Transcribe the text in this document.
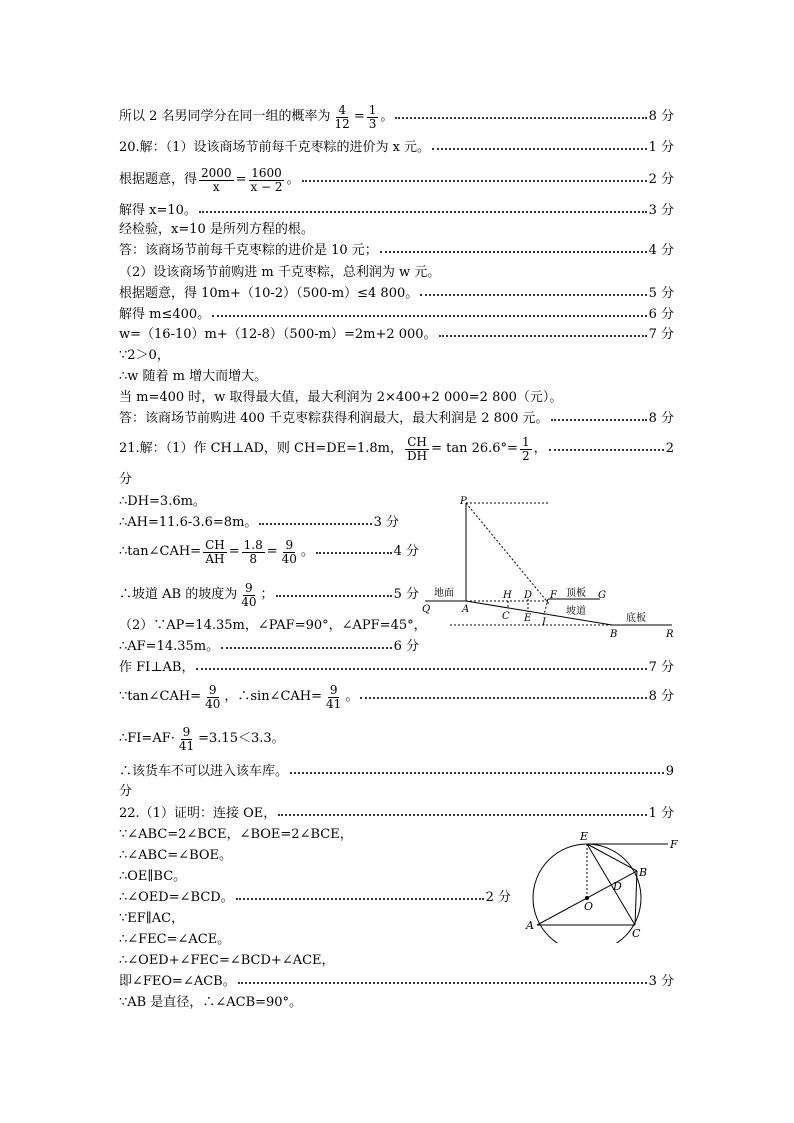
所以 2 名男同学分在同一组的概率为 $\frac{4}{12} = \frac{1}{3}$ 。	8 分
20.解：（1）设该商场节前每千克枣粽的进价为 x 元。	1 分
根据题意，得 $\frac{2000}{x} = \frac{1600}{x - 2}$ 。	2 分
解得 x=10。	3 分
经检验，x=10 是所列方程的根。
答：该商场节前每千克枣粽的进价是 10 元；	4 分
（2）设该商场节前购进 m 千克枣粽，总利润为 w 元。
根据题意，得 10m+（10-2）（500-m）≤4 800。	5 分
解得 m≤400。	6 分
w=（16-10）m+（12-8）（500-m）=2m+2 000。	7 分
∵2＞0，
∴w 随着 m 增大而增大。
当 m=400 时，w 取得最大值，最大利润为 2×400+2 000=2 800（元）。
答：该商场节前购进 400 千克枣粽获得利润最大，最大利润是 2 800 元。	8 分
21.解：（1）作 CH⊥AD，则 CH=DE=1.8m， $\frac{CH}{DH} = \tan 26.6^\circ= \frac{1}{2}$ ，	2
分
∴DH=3.6m。
∴AH=11.6-3.6=8m。	3 分
∴tan∠CAH= $\frac{CH}{AH} = \frac{1.8}{8} = \frac{9}{40}$ 。	4 分
∴坡道 AB 的坡度为 $\frac{9}{40}$ ；	5 分
（2）∵AP=14.35m，∠PAF=90°，∠APF=45°，
∴AF=14.35m。	6 分
作 FI⊥AB，	7 分
∵tan∠CAH= $\frac{9}{40}$ ，∴sin∠CAH= $\frac{9}{41}$ 。	8 分
∴FI=AF· $\frac{9}{41} =3.15<3.3$。
∴该货车不可以进入该车库。	9
分
22.（1）证明：连接 OE，	1 分
∵∠ABC=2∠BCE，∠BOE=2∠BCE，
∴∠ABC=∠BOE。
∴OE∥BC。
∴∠OED=∠BCD。	2 分
∵EF∥AC，
∴∠FEC=∠ACE。
∴∠OED+∠FEC=∠BCD+∠ACE，
即∠FEO=∠ACB。	3 分
∵AB 是直径，∴∠ACB=90°。
P
Q	A
H D F	G
C E I
B	R
地面	顶板
坡道
底板
E
F
B
D
O
A
C
